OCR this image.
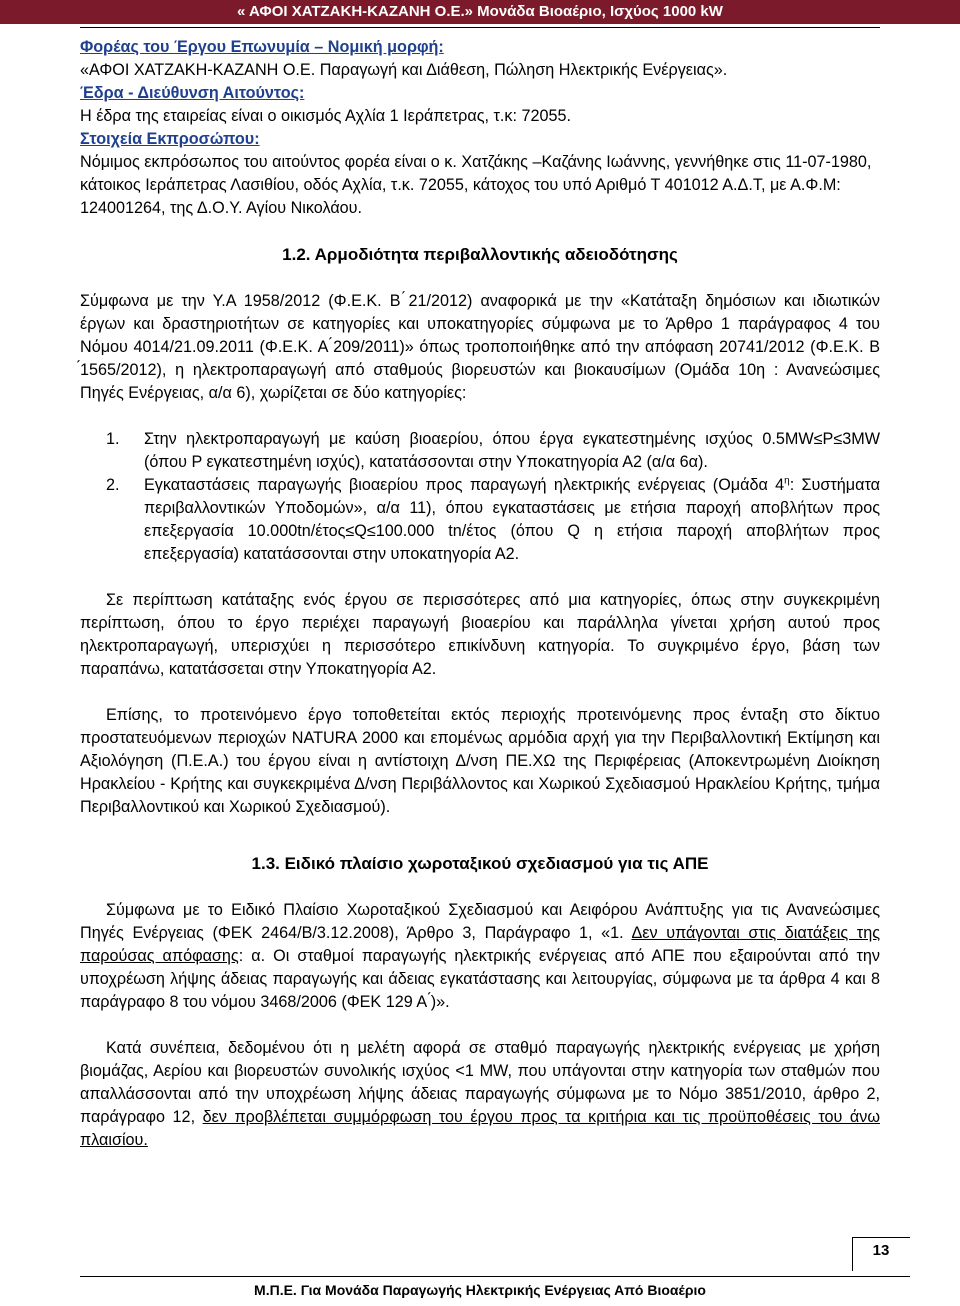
« ΑΦΟΙ ΧΑΤΖΑΚΗ-ΚΑΖΑΝΗ Ο.Ε.» Μονάδα Βιοαέριο, Ισχύος 1000 kW

Φορέας του Έργου Επωνυμία – Νομική μορφή:

«ΑΦΟΙ ΧΑΤΖΑΚΗ-ΚΑΖΑΝΗ Ο.Ε. Παραγωγή και Διάθεση, Πώληση Ηλεκτρικής Ενέργειας».

Έδρα - Διεύθυνση Αιτούντος:

Η έδρα της εταιρείας είναι ο οικισμός Αχλία 1 Ιεράπετρας, τ.κ: 72055.

Στοιχεία Εκπροσώπου:

Νόμιμος εκπρόσωπος του αιτούντος φορέα είναι ο κ. Χατζάκης –Καζάνης Ιωάννης, γεννήθηκε στις 11-07-1980, κάτοικος Ιεράπετρας Λασιθίου, οδός Αχλία, τ.κ. 72055, κάτοχος του υπό Αριθμό Τ 401012 Α.Δ.Τ, με Α.Φ.Μ: 124001264, της Δ.Ο.Υ. Αγίου Νικολάου.

1.2. Αρμοδιότητα περιβαλλοντικής αδειοδότησης

Σύμφωνα με την Υ.Α 1958/2012 (Φ.Ε.Κ. Β ́21/2012) αναφορικά με την «Κατάταξη δημόσιων και ιδιωτικών έργων και δραστηριοτήτων σε κατηγορίες και υποκατηγορίες σύμφωνα με το Άρθρο 1 παράγραφος 4 του Νόμου 4014/21.09.2011 (Φ.Ε.Κ. Α ́209/2011)» όπως τροποποιήθηκε από την απόφαση 20741/2012 (Φ.Ε.Κ. Β ́1565/2012), η ηλεκτροπαραγωγή από σταθμούς βιορευστών και βιοκαυσίμων (Ομάδα 10η : Ανανεώσιμες Πηγές Ενέργειας, α/α 6), χωρίζεται σε δύο κατηγορίες:

1.	Στην ηλεκτροπαραγωγή με καύση βιοαερίου, όπου έργα εγκατεστημένης ισχύος 0.5MW≤P≤3MW (όπου P εγκατεστημένη ισχύς), κατατάσσονται στην Υποκατηγορία Α2 (α/α 6α).
2.	Εγκαταστάσεις παραγωγής βιοαερίου προς παραγωγή ηλεκτρικής ενέργειας (Ομάδα $4^\eta$: Συστήματα περιβαλλοντικών Υποδομών», α/α 11), όπου εγκαταστάσεις με ετήσια παροχή αποβλήτων προς επεξεργασία 10.000tn/έτος≤Q≤100.000 tn/έτος (όπου Q η ετήσια παροχή αποβλήτων προς επεξεργασία) κατατάσσονται στην υποκατηγορία Α2.

Σε περίπτωση κατάταξης ενός έργου σε περισσότερες από μια κατηγορίες, όπως στην συγκεκριμένη περίπτωση, όπου το έργο περιέχει παραγωγή βιοαερίου και παράλληλα γίνεται χρήση αυτού προς ηλεκτροπαραγωγή, υπερισχύει η περισσότερο επικίνδυνη κατηγορία. Το συγκριμένο έργο, βάση των παραπάνω, κατατάσσεται στην Υποκατηγορία Α2.

Επίσης, το προτεινόμενο έργο τοποθετείται εκτός περιοχής προτεινόμενης προς ένταξη στο δίκτυο προστατευόμενων περιοχών NATURA 2000 και επομένως αρμόδια αρχή για την Περιβαλλοντική Εκτίμηση και Αξιολόγηση (Π.Ε.Α.) του έργου είναι η αντίστοιχη Δ/νση ΠΕ.ΧΩ της Περιφέρειας (Αποκεντρωμένη Διοίκηση Ηρακλείου - Κρήτης και συγκεκριμένα Δ/νση Περιβάλλοντος και Χωρικού Σχεδιασμού Ηρακλείου Κρήτης, τμήμα Περιβαλλοντικού και Χωρικού Σχεδιασμού).

1.3. Ειδικό πλαίσιο χωροταξικού σχεδιασμού για τις ΑΠΕ

Σύμφωνα με το Ειδικό Πλαίσιο Χωροταξικού Σχεδιασμού και Αειφόρου Ανάπτυξης για τις Ανανεώσιμες Πηγές Ενέργειας (ΦΕΚ 2464/Β/3.12.2008), Άρθρο 3, Παράγραφο 1, «1. Δεν υπάγονται στις διατάξεις της παρούσας απόφασης: α. Οι σταθμοί παραγωγής ηλεκτρικής ενέργειας από ΑΠΕ που εξαιρούνται από την υποχρέωση λήψης άδειας παραγωγής και άδειας εγκατάστασης και λειτουργίας, σύμφωνα με τα άρθρα 4 και 8 παράγραφο 8 του νόμου 3468/2006 (ΦΕΚ 129 Α ́)».

Κατά συνέπεια, δεδομένου ότι η μελέτη αφορά σε σταθμό παραγωγής ηλεκτρικής ενέργειας με χρήση βιομάζας, Αερίου και βιορευστών συνολικής ισχύος <1 MW, που υπάγονται στην κατηγορία των σταθμών που απαλλάσσονται από την υποχρέωση λήψης άδειας παραγωγής σύμφωνα με το Νόμο 3851/2010, άρθρο 2, παράγραφο 12, δεν προβλέπεται συμμόρφωση του έργου προς τα κριτήρια και τις προϋποθέσεις του άνω πλαισίου.

13
Μ.Π.Ε. Για Μονάδα Παραγωγής Ηλεκτρικής Ενέργειας Από Βιοαέριο
